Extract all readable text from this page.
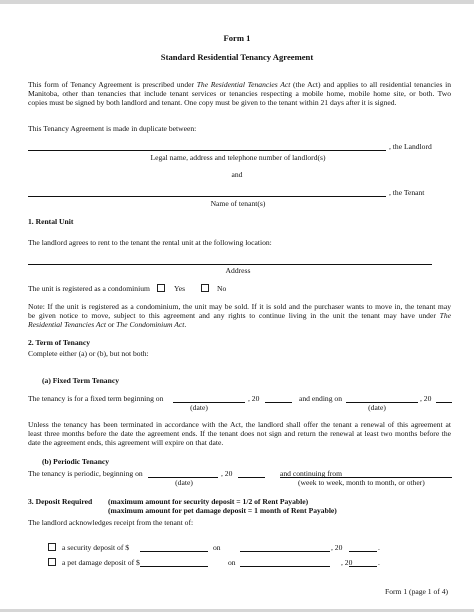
Form 1
Standard Residential Tenancy Agreement
This form of Tenancy Agreement is prescribed under The Residential Tenancies Act (the Act) and applies to all residential tenancies in
Manitoba, other than tenancies that include tenant services or tenancies respecting a mobile home, mobile home site, or both. Two
copies must be signed by both landlord and tenant. One copy must be given to the tenant within 21 days after it is signed.
This Tenancy Agreement is made in duplicate between:
, the Landlord
Legal name, address and telephone number of landlord(s)
and
, the Tenant
Name of tenant(s)
1. Rental Unit
The landlord agrees to rent to the tenant the rental unit at the following location:
Address
The unit is registered as a condominium	Yes	No
Note: If the unit is registered as a condominium, the unit may be sold. If it is sold and the purchaser wants to move in, the tenant may
be given notice to move, subject to this agreement and any rights to continue living in the unit the tenant may have under The
Residential Tenancies Act or The Condominium Act.
2. Term of Tenancy
Complete either (a) or (b), but not both:
(a) Fixed Term Tenancy
The tenancy is for a fixed term beginning on	, 20	and ending on	, 20
(date)	(date)
Unless the tenancy has been terminated in accordance with the Act, the landlord shall offer the tenant a renewal of this agreement at
least three months before the date the agreement ends. If the tenant does not sign and return the renewal at least two months before the
date the agreement ends, this agreement will expire on that date.
(b) Periodic Tenancy
The tenancy is periodic, beginning on	, 20	and continuing from
(date)	(week to week, month to month, or other)
3. Deposit Required (maximum amount for security deposit = 1/2 of Rent Payable)
(maximum amount for pet damage deposit = 1 month of Rent Payable)
The landlord acknowledges receipt from the tenant of:
a security deposit of $	on	, 20	.
a pet damage deposit of $	on	, 20	.
Form 1 (page 1 of 4)
